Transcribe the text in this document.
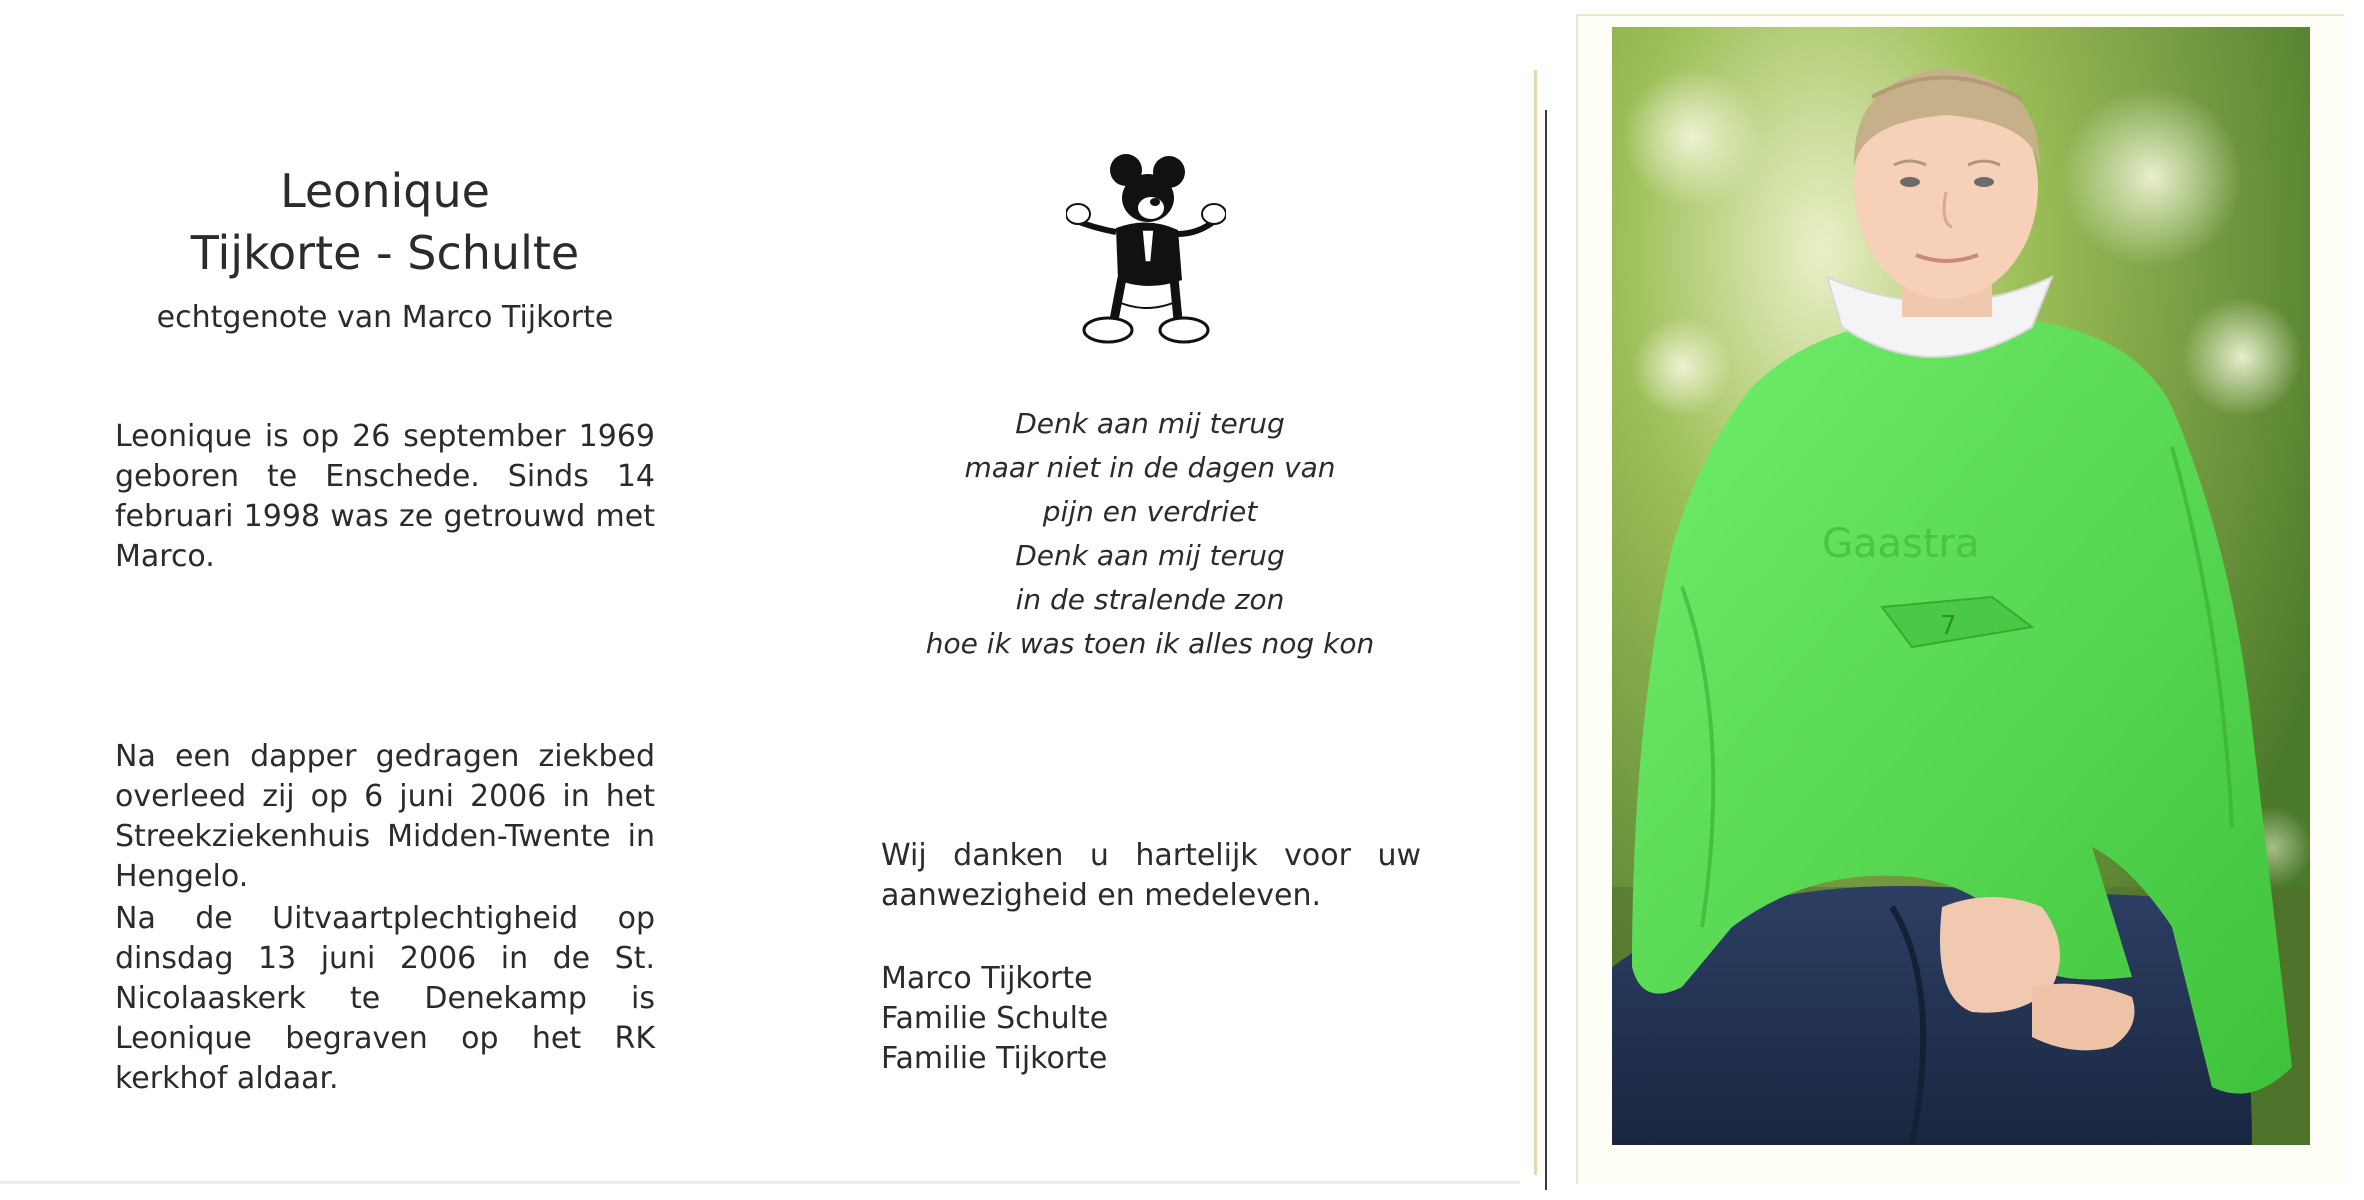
Leonique
Tijkorte - Schulte
echtgenote van Marco Tijkorte
Leonique is op 26 september 1969 geboren te Enschede. Sinds 14 februari 1998 was ze getrouwd met Marco.
Na een dapper gedragen ziekbed overleed zij op 6 juni 2006 in het Streekziekenhuis Midden-Twente in Hengelo.
Na de Uitvaartplechtigheid op dinsdag 13 juni 2006 in de St. Nicolaaskerk te Denekamp is Leonique begraven op het RK kerkhof aldaar.
Denk aan mij terug
maar niet in de dagen van
pijn en verdriet
Denk aan mij terug
in de stralende zon
hoe ik was toen ik alles nog kon
Wij danken u hartelijk voor uw aanwezigheid en medeleven.
Marco Tijkorte
Familie Schulte
Familie Tijkorte
Gaastra
7
